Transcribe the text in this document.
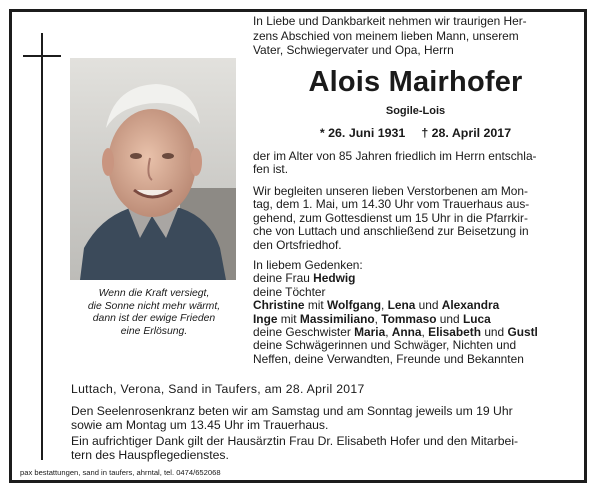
Wenn die Kraft versiegt,
die Sonne nicht mehr wärmt,
dann ist der ewige Frieden
eine Erlösung.
In Liebe und Dankbarkeit nehmen wir traurigen Her-
zens Abschied von meinem lieben Mann, unserem
Vater, Schwiegervater und Opa, Herrn
Alois Mairhofer
Sogile-Lois
* 26. Juni 1931 † 28. April 2017
der im Alter von 85 Jahren friedlich im Herrn entschla-
fen ist.
Wir begleiten unseren lieben Verstorbenen am Mon-
tag, dem 1. Mai, um 14.30 Uhr vom Trauerhaus aus-
gehend, zum Gottesdienst um 15 Uhr in die Pfarrkir-
che von Luttach und anschließend zur Beisetzung in
den Ortsfriedhof.
In liebem Gedenken:
deine Frau Hedwig
deine Töchter
Christine mit Wolfgang, Lena und Alexandra
Inge mit Massimiliano, Tommaso und Luca
deine Geschwister Maria, Anna, Elisabeth und Gustl
deine Schwägerinnen und Schwäger, Nichten und
Neffen, deine Verwandten, Freunde und Bekannten
Luttach, Verona, Sand in Taufers, am 28. April 2017
Den Seelenrosenkranz beten wir am Samstag und am Sonntag jeweils um 19 Uhr
sowie am Montag um 13.45 Uhr im Trauerhaus.
Ein aufrichtiger Dank gilt der Hausärztin Frau Dr. Elisabeth Hofer und den Mitarbei-
tern des Hauspflegedienstes.
pax bestattungen, sand in taufers, ahrntal, tel. 0474/652068
